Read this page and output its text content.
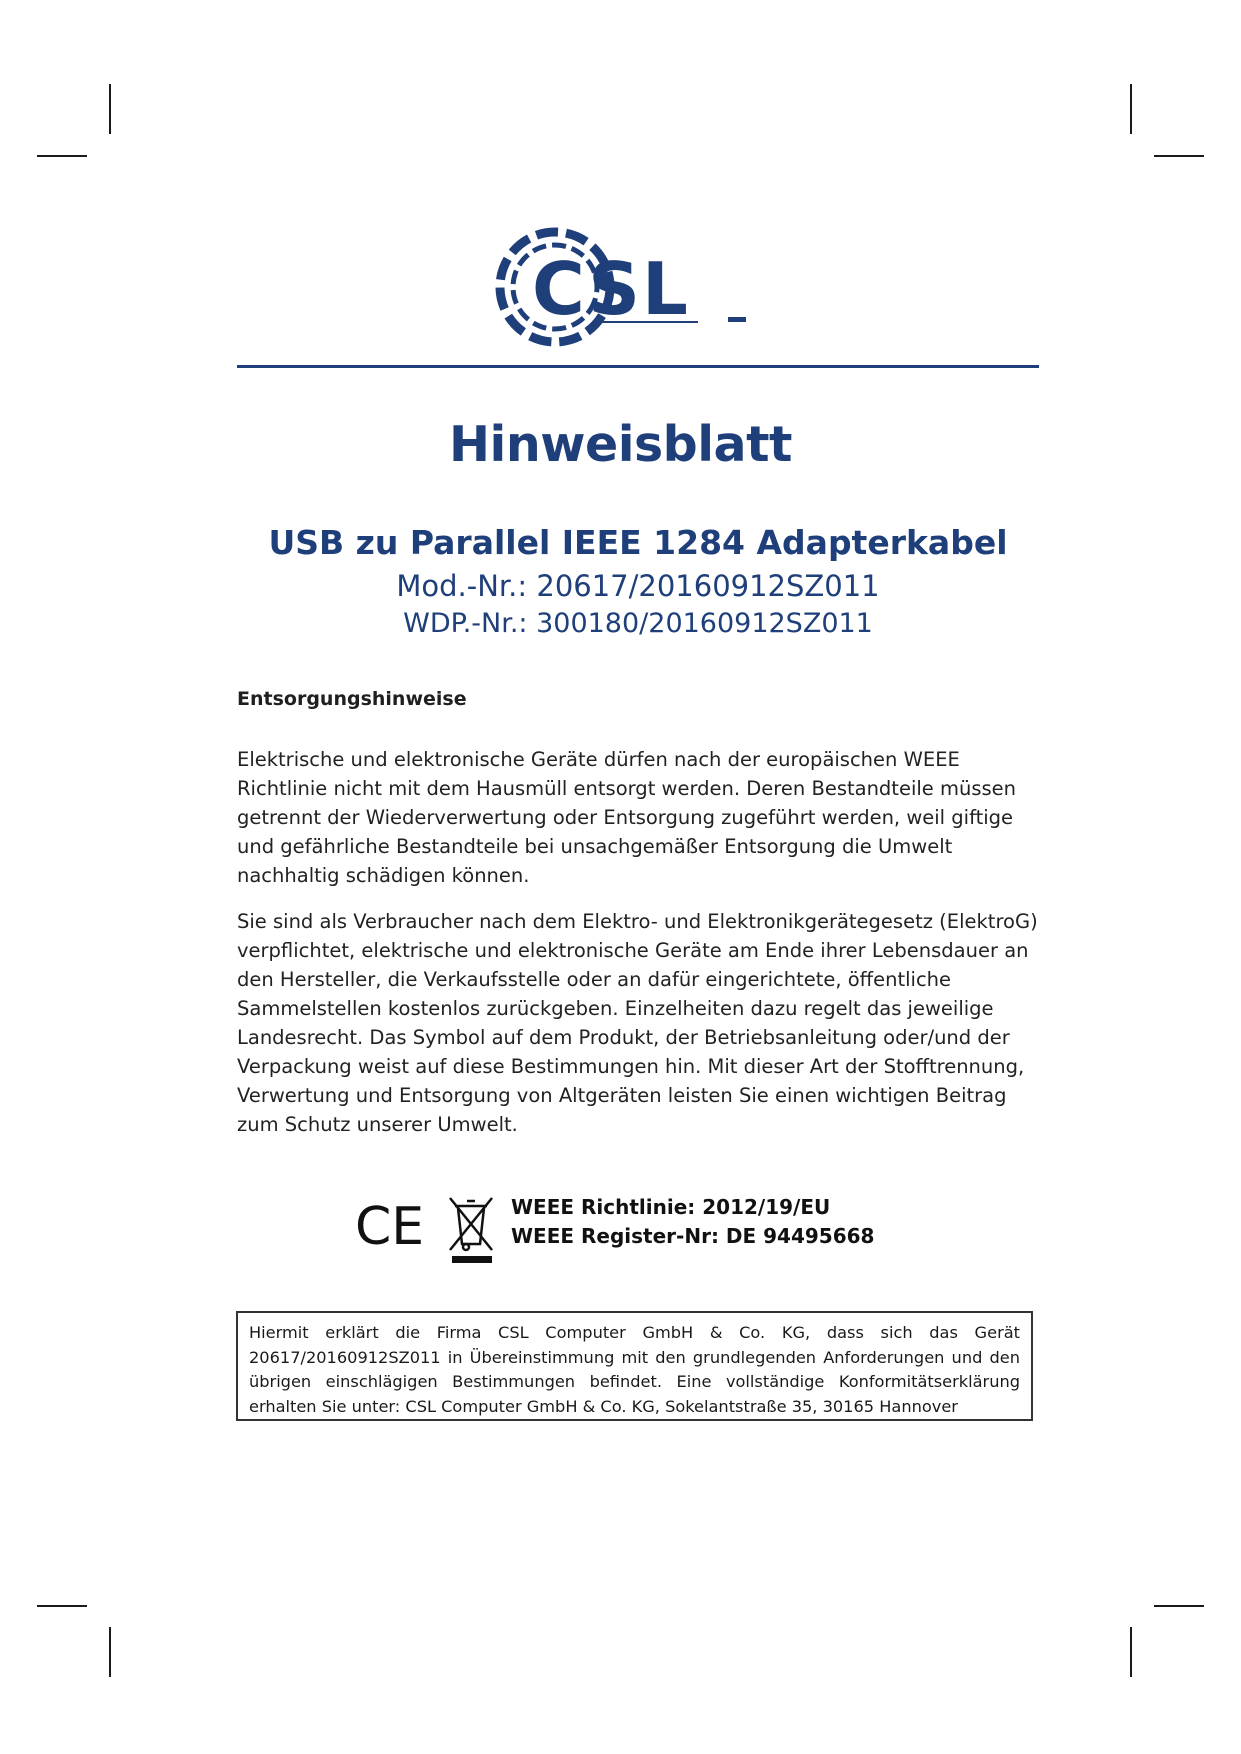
CSL
Hinweisblatt
USB zu Parallel IEEE 1284 Adapterkabel
Mod.-Nr.: 20617/20160912SZ011
WDP.-Nr.: 300180/20160912SZ011
Entsorgungshinweise
Elektrische und elektronische Geräte dürfen nach der europäischen WEEE Richtlinie nicht mit dem Hausmüll entsorgt werden. Deren Bestandteile müssen getrennt der Wiederverwertung oder Entsorgung zugeführt werden, weil giftige und gefährliche Bestandteile bei unsachgemäßer Entsorgung die Umwelt nachhaltig schädigen können.
Sie sind als Verbraucher nach dem Elektro- und Elektronikgerätegesetz (ElektroG) verpflichtet, elektrische und elektronische Geräte am Ende ihrer Lebensdauer an den Hersteller, die Verkaufsstelle oder an dafür eingerichtete, öffentliche Sammelstellen kostenlos zurückgeben. Einzelheiten dazu regelt das jeweilige Landesrecht. Das Symbol auf dem Produkt, der Betriebsanleitung oder/und der Verpackung weist auf diese Bestimmungen hin. Mit dieser Art der Stofftrennung, Verwertung und Entsorgung von Altgeräten leisten Sie einen wichtigen Beitrag zum Schutz unserer Umwelt.
CE	WEEE Richtlinie: 2012/19/EU
WEEE Register-Nr: DE 94495668
Hiermit erklärt die Firma CSL Computer GmbH & Co. KG, dass sich das Gerät 20617/20160912SZ011 in Übereinstimmung mit den grundlegenden Anforderungen und den übrigen einschlägigen Bestimmungen befindet. Eine vollständige Konformitätserklärung erhalten Sie unter: CSL Computer GmbH & Co. KG, Sokelantstraße 35, 30165 Hannover
